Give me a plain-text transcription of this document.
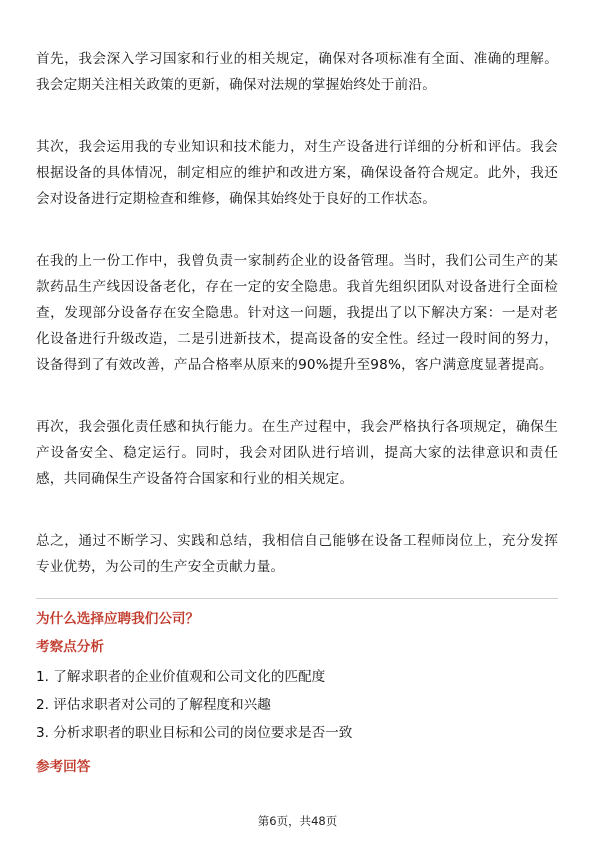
首先，我会深入学习国家和行业的相关规定，确保对各项标准有全面、准确的理解。我会定期关注相关政策的更新，确保对法规的掌握始终处于前沿。

其次，我会运用我的专业知识和技术能力，对生产设备进行详细的分析和评估。我会根据设备的具体情况，制定相应的维护和改进方案，确保设备符合规定。此外，我还会对设备进行定期检查和维修，确保其始终处于良好的工作状态。

在我的上一份工作中，我曾负责一家制药企业的设备管理。当时，我们公司生产的某款药品生产线因设备老化，存在一定的安全隐患。我首先组织团队对设备进行全面检查，发现部分设备存在安全隐患。针对这一问题，我提出了以下解决方案：一是对老化设备进行升级改造，二是引进新技术，提高设备的安全性。经过一段时间的努力，设备得到了有效改善，产品合格率从原来的90%提升至98%，客户满意度显著提高。

再次，我会强化责任感和执行能力。在生产过程中，我会严格执行各项规定，确保生产设备安全、稳定运行。同时，我会对团队进行培训，提高大家的法律意识和责任感，共同确保生产设备符合国家和行业的相关规定。

总之，通过不断学习、实践和总结，我相信自己能够在设备工程师岗位上，充分发挥专业优势，为公司的生产安全贡献力量。

为什么选择应聘我们公司？
考察点分析
1. 了解求职者的企业价值观和公司文化的匹配度
2. 评估求职者对公司的了解程度和兴趣
3. 分析求职者的职业目标和公司的岗位要求是否一致
参考回答
第6页，共48页
